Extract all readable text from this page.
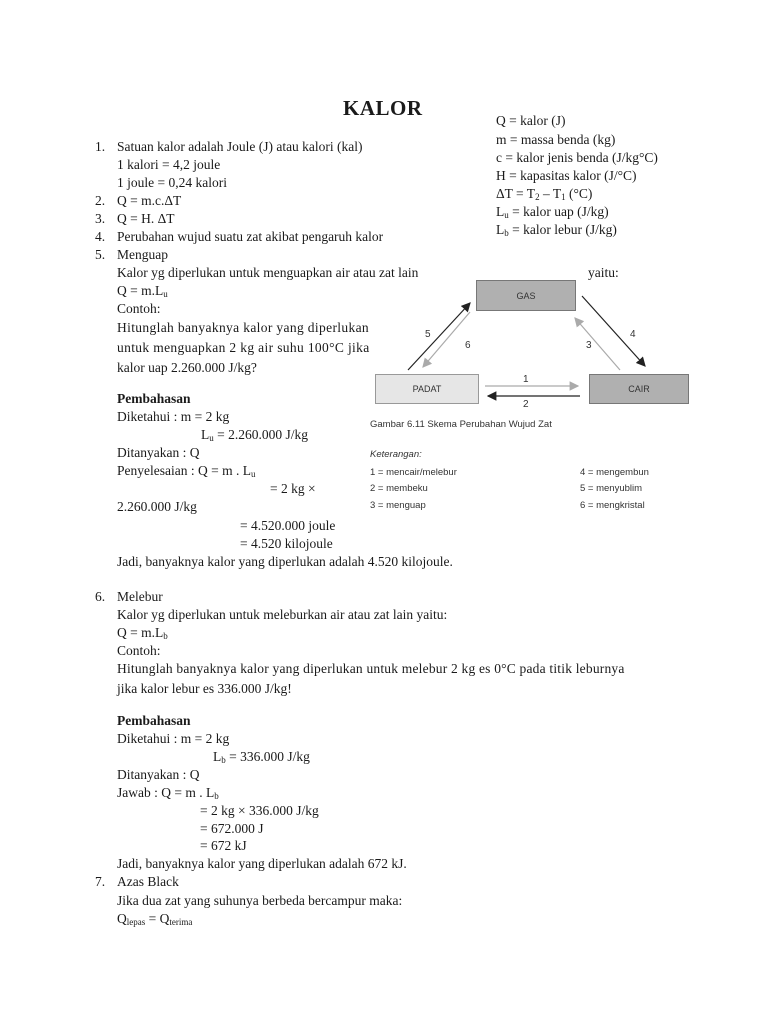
KALOR
Q = kalor (J)
m = massa benda (kg)
c = kalor jenis benda (J/kg°C)
H = kapasitas kalor (J/°C)
$\Delta T = T_2 - T_1$ (°C)
$L_u$ = kalor uap (J/kg)
$L_b$ = kalor lebur (J/kg)
1. Satuan kalor adalah Joule (J) atau kalori (kal)
1 kalori = 4,2 joule
1 joule = 0,24 kalori
2. Q = m.c.ΔT
3. Q = H. ΔT
4. Perubahan wujud suatu zat akibat pengaruh kalor
5. Menguap
Kalor yg diperlukan untuk menguapkan air atau zat lain	yaitu:
$Q = m.L_u$
Contoh:
Hitunglah banyaknya kalor yang diperlukan
untuk menguapkan 2 kg air suhu 100°C jika
kalor uap 2.260.000 J/kg?
Pembahasan
Diketahui : m = 2 kg
$L_u = 2.260.000$ J/kg
Ditanyakan : Q
Penyelesaian : Q = m . $L_u$
= 2 kg ×
2.260.000 J/kg
= 4.520.000 joule
= 4.520 kilojoule
Jadi, banyaknya kalor yang diperlukan adalah 4.520 kilojoule.
GAS
PADAT	CAIR
1
2
3
4
5
6
Gambar 6.11 Skema Perubahan Wujud Zat
Keterangan:
1 = mencair/melebur
2 = membeku
3 = menguap
4 = mengembun
5 = menyublim
6 = mengkristal
6. Melebur
Kalor yg diperlukan untuk meleburkan air atau zat lain yaitu:
$Q = m.L_b$
Contoh:
Hitunglah banyaknya kalor yang diperlukan untuk melebur 2 kg es 0°C pada titik leburnya
jika kalor lebur es 336.000 J/kg!
Pembahasan
Diketahui : m = 2 kg
$L_b = 336.000$ J/kg
Ditanyakan : Q
Jawab : Q = m . $L_b$
= 2 kg × 336.000 J/kg
= 672.000 J
= 672 kJ
Jadi, banyaknya kalor yang diperlukan adalah 672 kJ.
7. Azas Black
Jika dua zat yang suhunya berbeda bercampur maka:
$Q_{lepas} = Q_{terima}$
